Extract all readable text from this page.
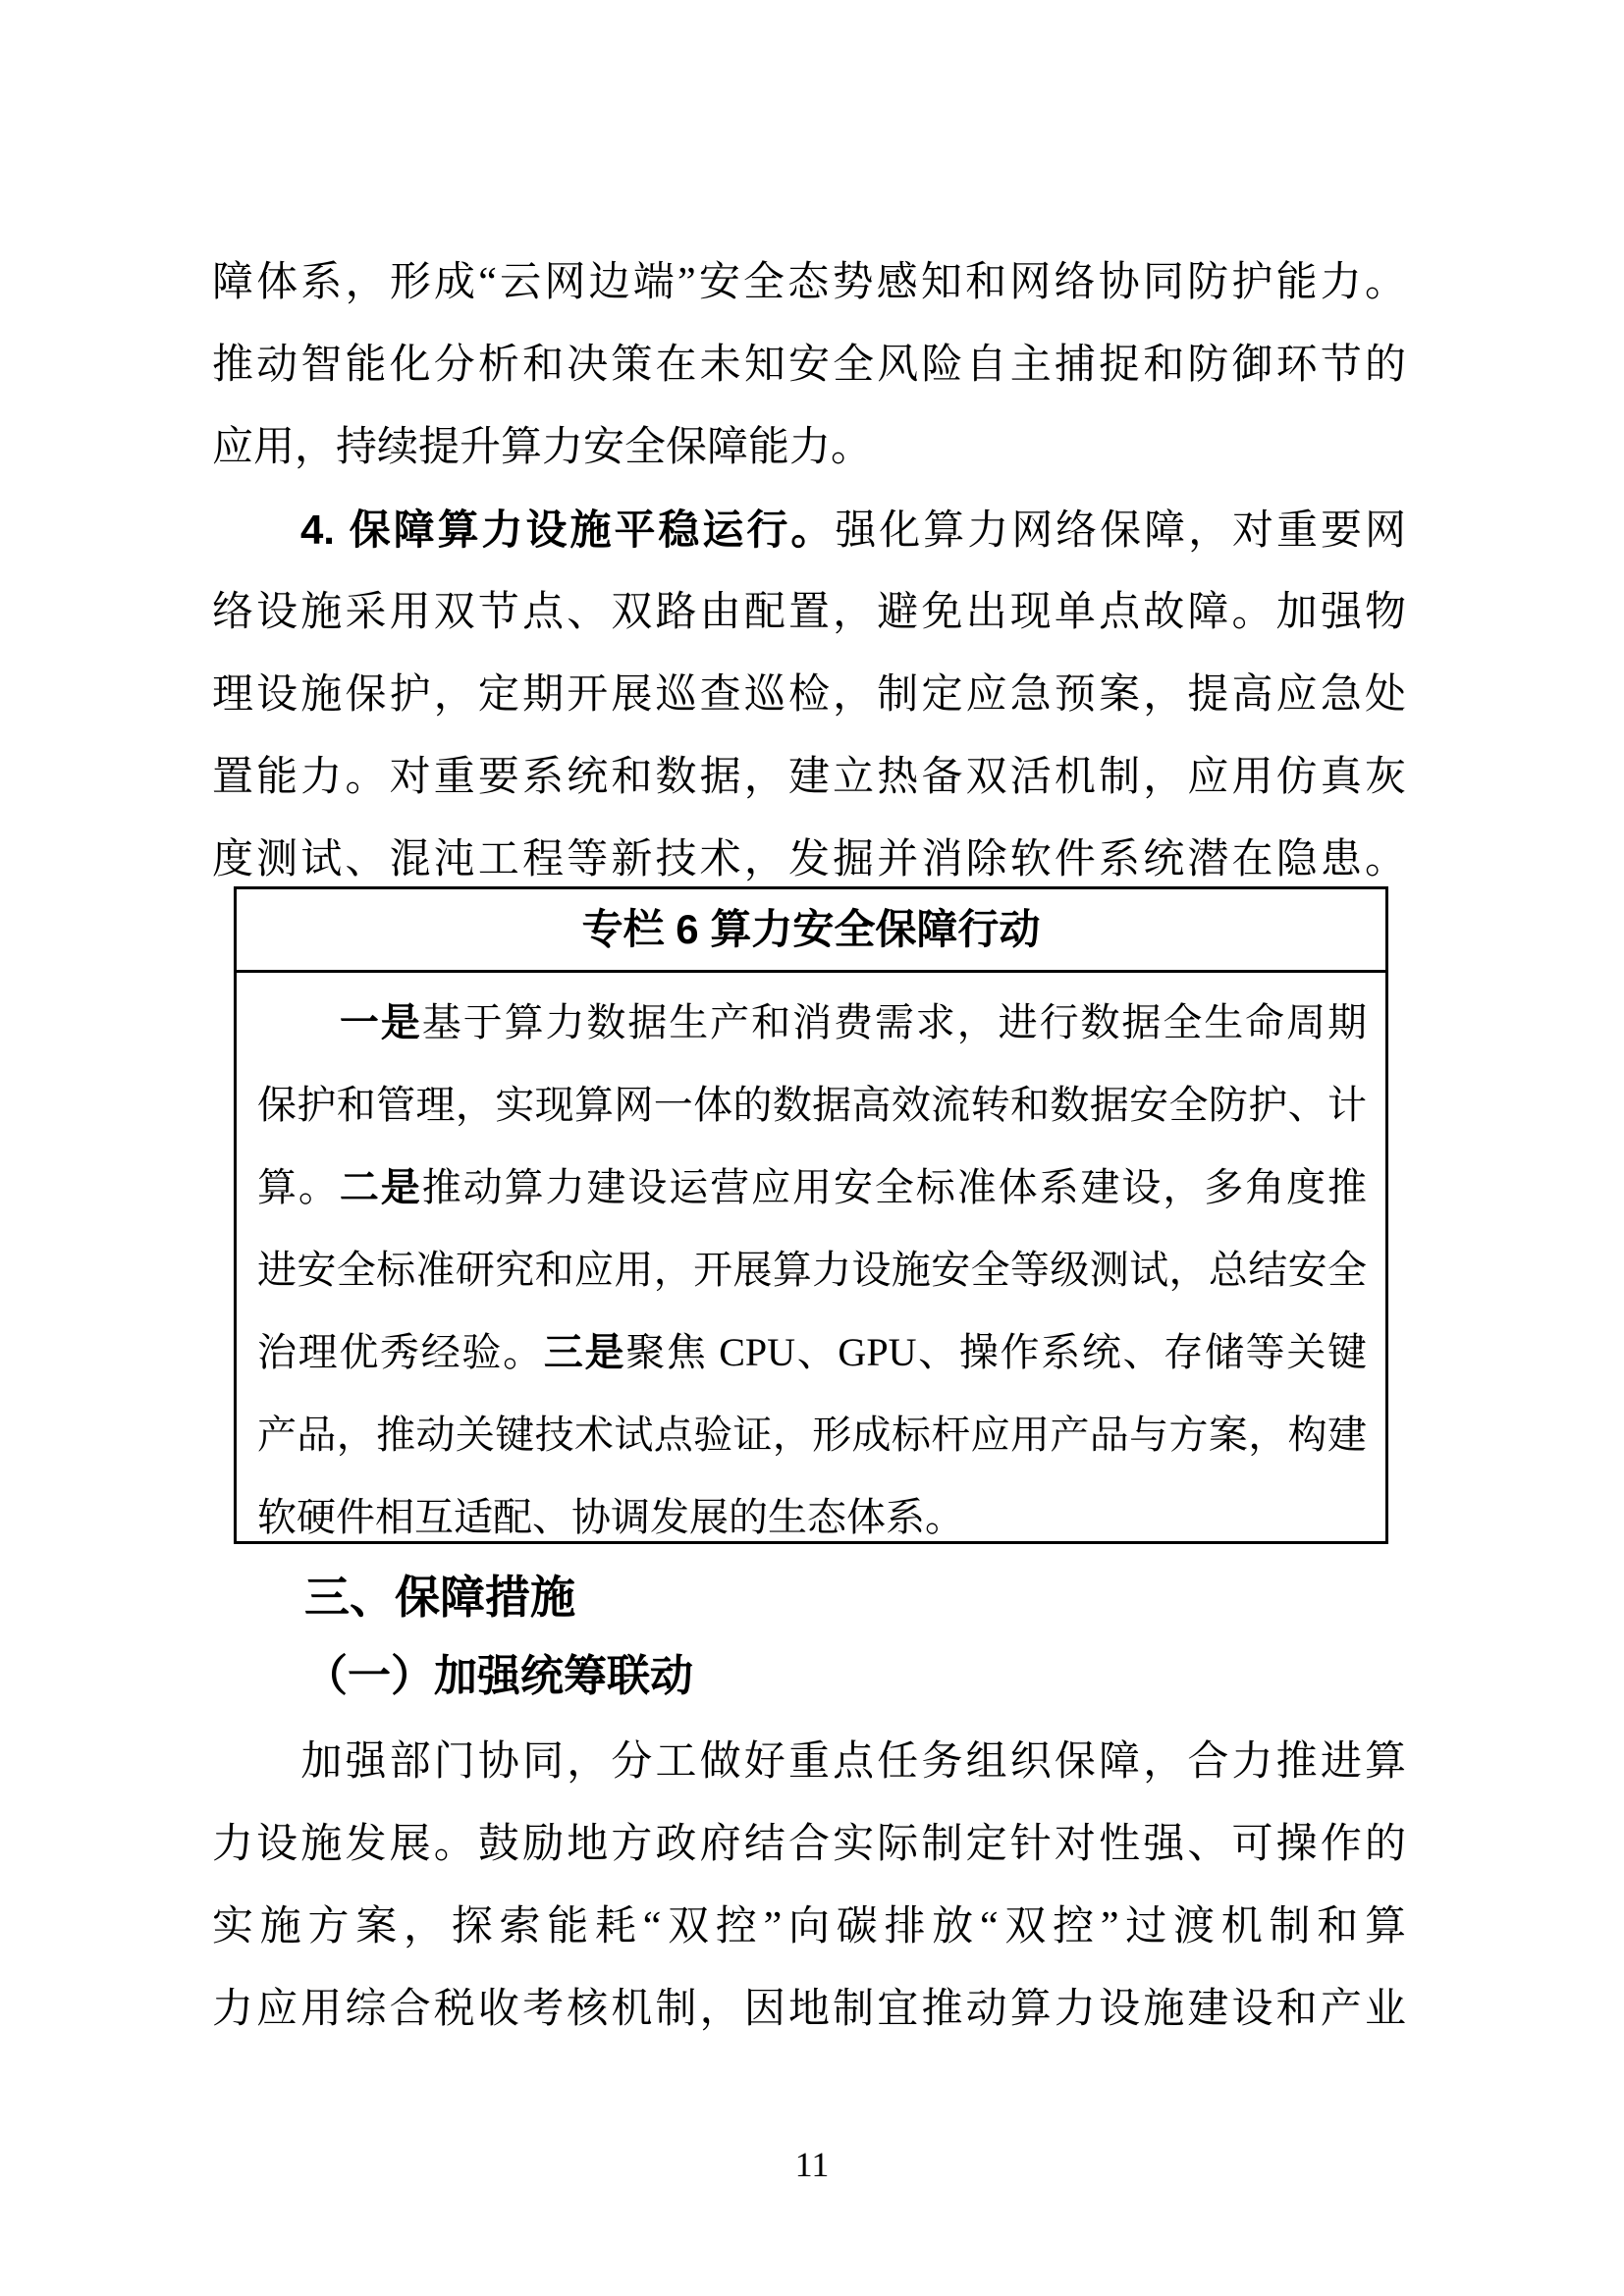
障体系，形成“云网边端”安全态势感知和网络协同防护能力。
推动智能化分析和决策在未知安全风险自主捕捉和防御环节的
应用，持续提升算力安全保障能力。
　　4. 保障算力设施平稳运行。强化算力网络保障，对重要网
络设施采用双节点、双路由配置，避免出现单点故障。加强物
理设施保护，定期开展巡查巡检，制定应急预案，提高应急处
置能力。对重要系统和数据，建立热备双活机制，应用仿真灰
度测试、混沌工程等新技术，发掘并消除软件系统潜在隐患。
专栏 6 算力安全保障行动
　　一是基于算力数据生产和消费需求，进行数据全生命周期
保护和管理，实现算网一体的数据高效流转和数据安全防护、计
算。二是推动算力建设运营应用安全标准体系建设，多角度推
进安全标准研究和应用，开展算力设施安全等级测试，总结安全
治理优秀经验。三是聚焦 CPU、GPU、操作系统、存储等关键
产品，推动关键技术试点验证，形成标杆应用产品与方案，构建
软硬件相互适配、协调发展的生态体系。
三、保障措施
（一）加强统筹联动
　　加强部门协同，分工做好重点任务组织保障，合力推进算
力设施发展。鼓励地方政府结合实际制定针对性强、可操作的
实施方案，探索能耗“双控”向碳排放“双控”过渡机制和算
力应用综合税收考核机制，因地制宜推动算力设施建设和产业
11
